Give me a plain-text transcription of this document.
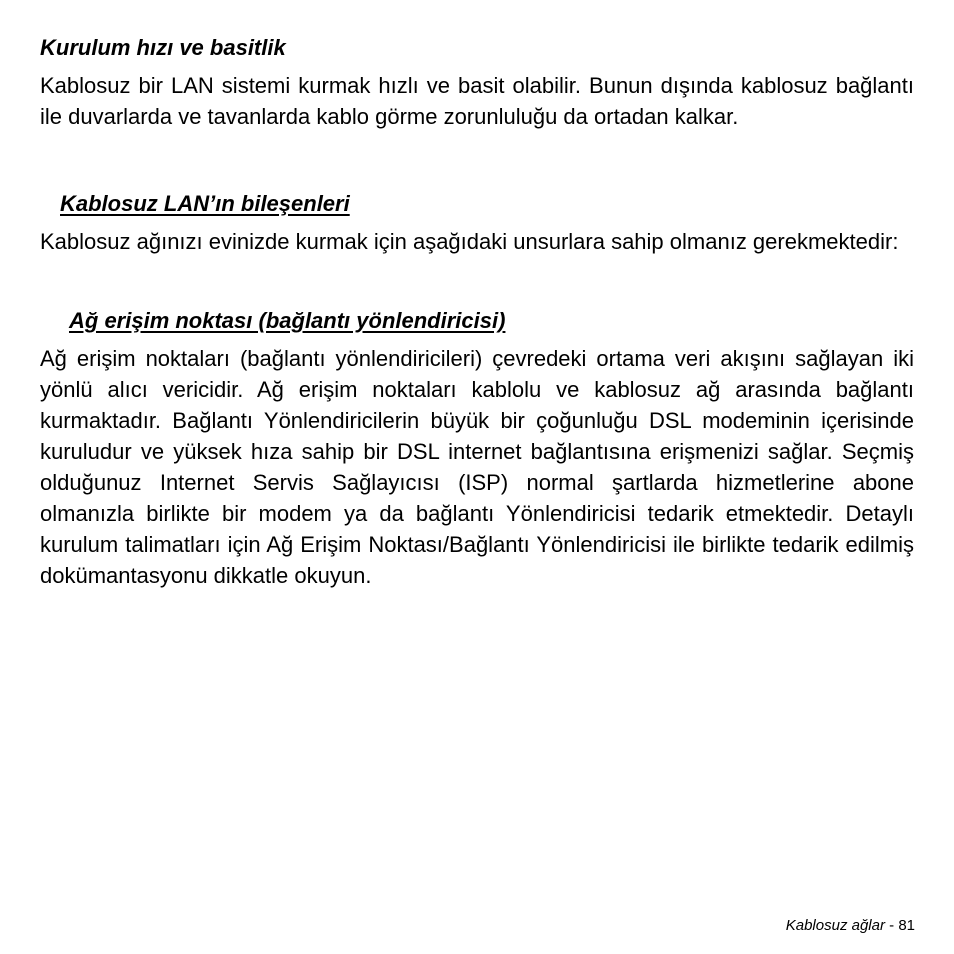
Kurulum hızı ve basitlik

Kablosuz bir LAN sistemi kurmak hızlı ve basit olabilir. Bunun dışında kablosuz bağlantı ile duvarlarda ve tavanlarda kablo görme zorunluluğu da ortadan kalkar.

Kablosuz LAN’ın bileşenleri

Kablosuz ağınızı evinizde kurmak için aşağıdaki unsurlara sahip olmanız gerekmektedir:

Ağ erişim noktası (bağlantı yönlendiricisi)

Ağ erişim noktaları (bağlantı yönlendiricileri) çevredeki ortama veri akışını sağlayan iki yönlü alıcı vericidir. Ağ erişim noktaları kablolu ve kablosuz ağ arasında bağlantı kurmaktadır. Bağlantı Yönlendiricilerin büyük bir çoğunluğu DSL modeminin içerisinde kuruludur ve yüksek hıza sahip bir DSL internet bağlantısına erişmenizi sağlar. Seçmiş olduğunuz Internet Servis Sağlayıcısı (ISP) normal şartlarda hizmetlerine abone olmanızla birlikte bir modem ya da bağlantı Yönlendiricisi tedarik etmektedir. Detaylı kurulum talimatları için Ağ Erişim Noktası/Bağlantı Yönlendiricisi ile birlikte tedarik edilmiş dokümantasyonu dikkatle okuyun.

Kablosuz ağlar - 81
